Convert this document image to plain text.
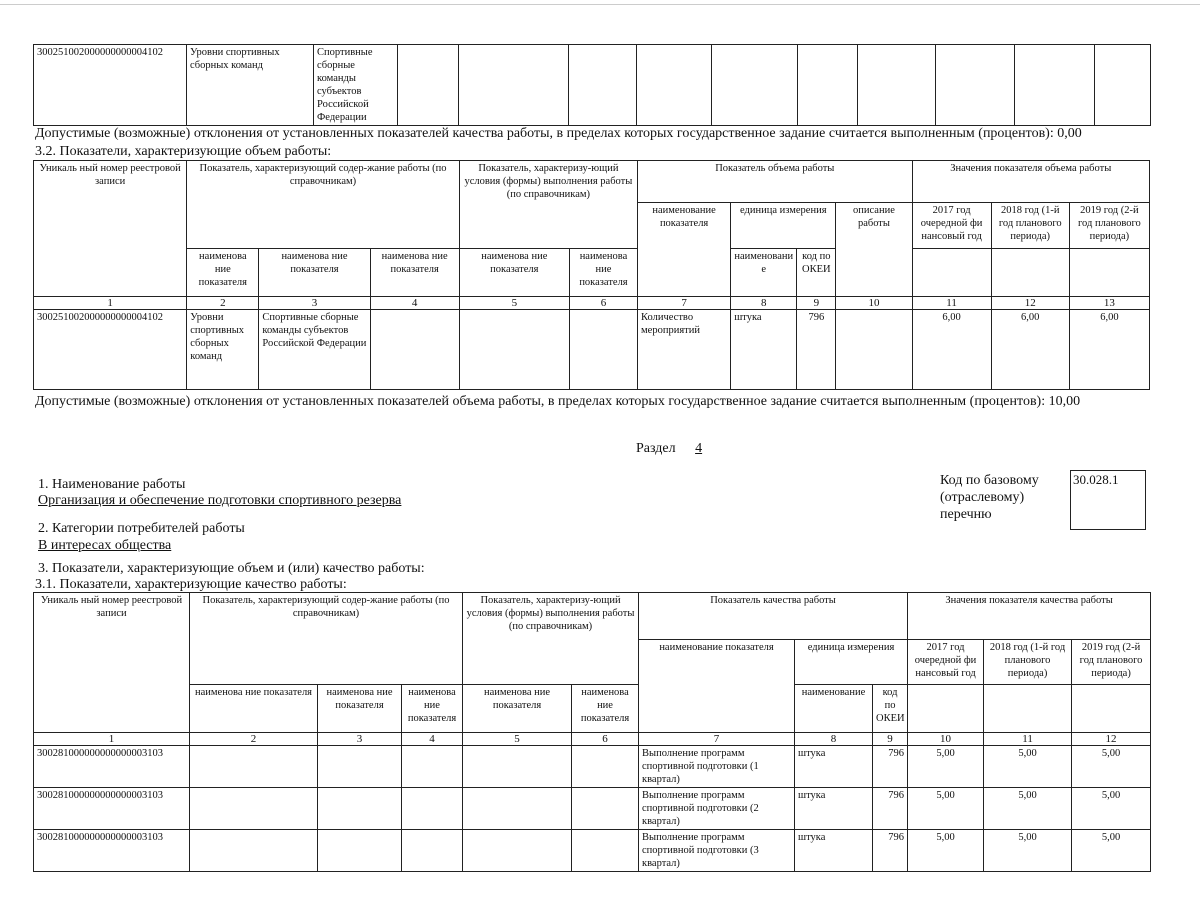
300251002000000000004102	Уровни спортивных сборных команд	Спортивные сборные команды субъектов Российской Федерации										
Допустимые (возможные) отклонения от установленных показателей качества работы, в пределах которых государственное задание считается выполненным (процентов): 0,00
3.2. Показатели, характеризующие объем работы:
Уникаль ный номер реестровой записи	Показатель, характеризующий содер-жание работы (по справочникам)			Показатель, характеризу-ющий условия (формы) выполнения работы (по справочникам)		Показатель объема работы				Значения показателя объема работы		
						наименование показателя	единица измерения		описание работы	2017 год очередной фи нансовый год	2018 год (1-й год планового периода)	2019 год (2-й год планового периода)
	наименова ние показателя	наименова ние показателя	наименова ние показателя	наименова ние показателя	наименова ние показателя		наименовани е	код по ОКЕИ				
1	2	3	4	5	6	7	8	9	10	11	12	13
300251002000000000004102	Уровни спортивных сборных команд	Спортивные сборные команды субъектов Российской Федерации				Количество мероприятий	штука	796		6,00	6,00	6,00
Допустимые (возможные) отклонения от установленных показателей объема работы, в пределах которых государственное задание считается выполненным (процентов): 10,00
Раздел 4
1. Наименование работы
Организация и обеспечение подготовки спортивного резерва
2. Категории потребителей работы
В интересах общества
Код по базовому (отраслевому) перечню
30.028.1
3. Показатели, характеризующие объем и (или) качество работы:
3.1. Показатели, характеризующие качество работы:
Уникаль ный номер реестровой записи	Показатель, характеризующий содер-жание работы (по справочникам)			Показатель, характеризу-ющий условия (формы) выполнения работы (по справочникам)		Показатель качества работы			Значения показателя качества работы		
						наименование показателя	единица измерения		2017 год очередной фи нансовый год	2018 год (1-й год планового периода)	2019 год (2-й год планового периода)
	наименова ние показателя	наименова ние показателя	наименова ние показателя	наименова ние показателя	наименова ние показателя		наименование	код по ОКЕИ			
1	2	3	4	5	6	7	8	9	10	11	12
300281000000000000003103						Выполнение программ спортивной подготовки (1 квартал)	штука	796	5,00	5,00	5,00
300281000000000000003103						Выполнение программ спортивной подготовки (2 квартал)	штука	796	5,00	5,00	5,00
300281000000000000003103						Выполнение программ спортивной подготовки (3 квартал)	штука	796	5,00	5,00	5,00
